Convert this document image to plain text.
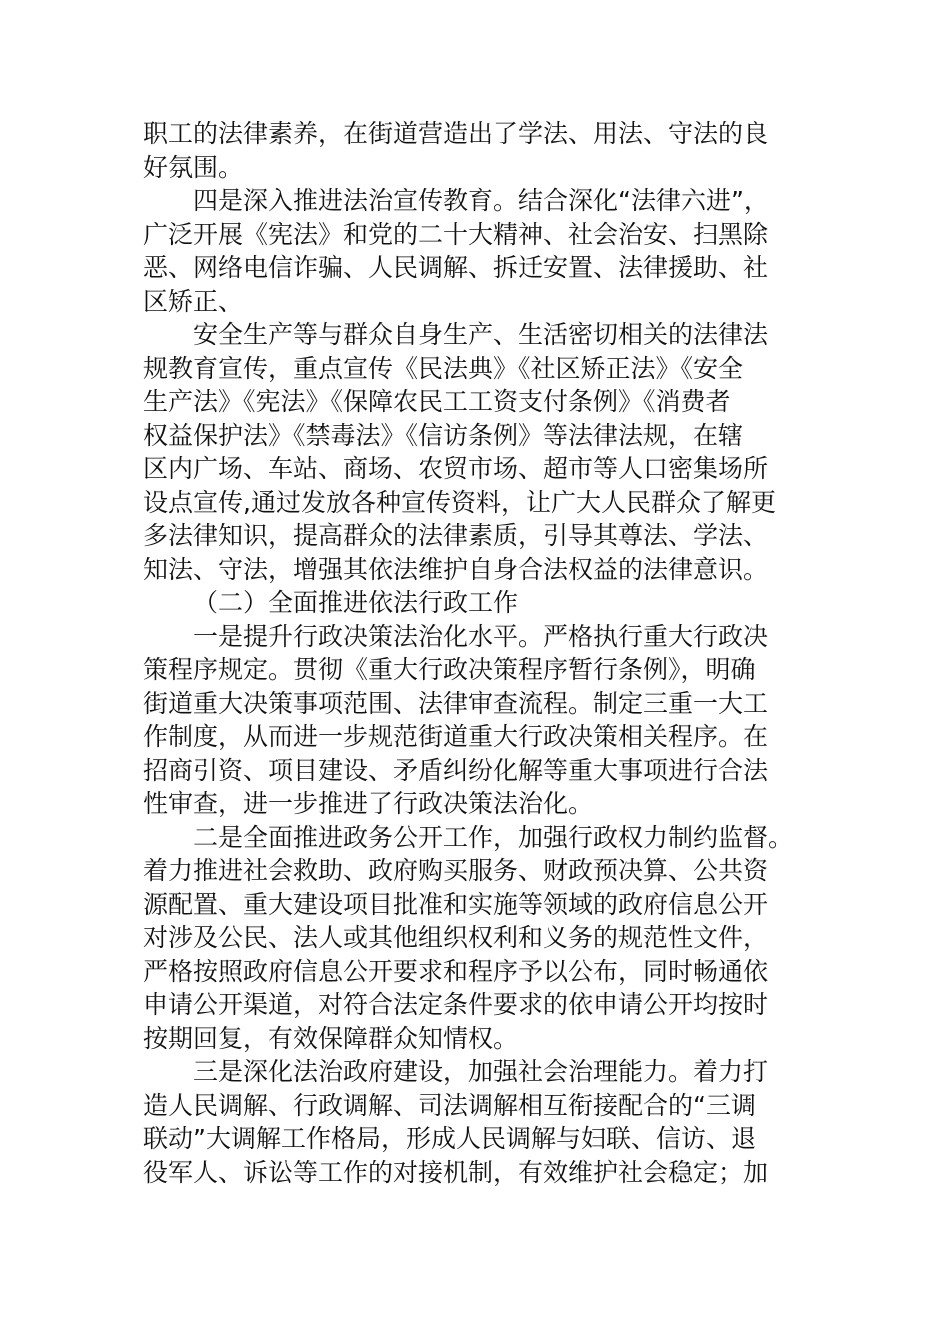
职工的法律素养，在街道营造出了学法、用法、守法的良
好氛围。
四是深入推进法治宣传教育。结合深化“法律六进”，
广泛开展《宪法》和党的二十大精神、社会治安、扫黑除
恶、网络电信诈骗、人民调解、拆迁安置、法律援助、社
区矫正、
安全生产等与群众自身生产、生活密切相关的法律法
规教育宣传，重点宣传《民法典》《社区矫正法》《安全
生产法》《宪法》《保障农民工工资支付条例》《消费者
权益保护法》《禁毒法》《信访条例》等法律法规，在辖
区内广场、车站、商场、农贸市场、超市等人口密集场所
设点宣传,通过发放各种宣传资料，让广大人民群众了解更
多法律知识，提高群众的法律素质，引导其尊法、学法、
知法、守法，增强其依法维护自身合法权益的法律意识。
（二）全面推进依法行政工作
一是提升行政决策法治化水平。严格执行重大行政决
策程序规定。贯彻《重大行政决策程序暂行条例》，明确
街道重大决策事项范围、法律审查流程。制定三重一大工
作制度，从而进一步规范街道重大行政决策相关程序。在
招商引资、项目建设、矛盾纠纷化解等重大事项进行合法
性审查，进一步推进了行政决策法治化。
二是全面推进政务公开工作，加强行政权力制约监督。
着力推进社会救助、政府购买服务、财政预决算、公共资
源配置、重大建设项目批准和实施等领域的政府信息公开
对涉及公民、法人或其他组织权利和义务的规范性文件，
严格按照政府信息公开要求和程序予以公布，同时畅通依
申请公开渠道，对符合法定条件要求的依申请公开均按时
按期回复，有效保障群众知情权。
三是深化法治政府建设，加强社会治理能力。着力打
造人民调解、行政调解、司法调解相互衔接配合的“三调
联动”大调解工作格局，形成人民调解与妇联、信访、退
役军人、诉讼等工作的对接机制，有效维护社会稳定；加
